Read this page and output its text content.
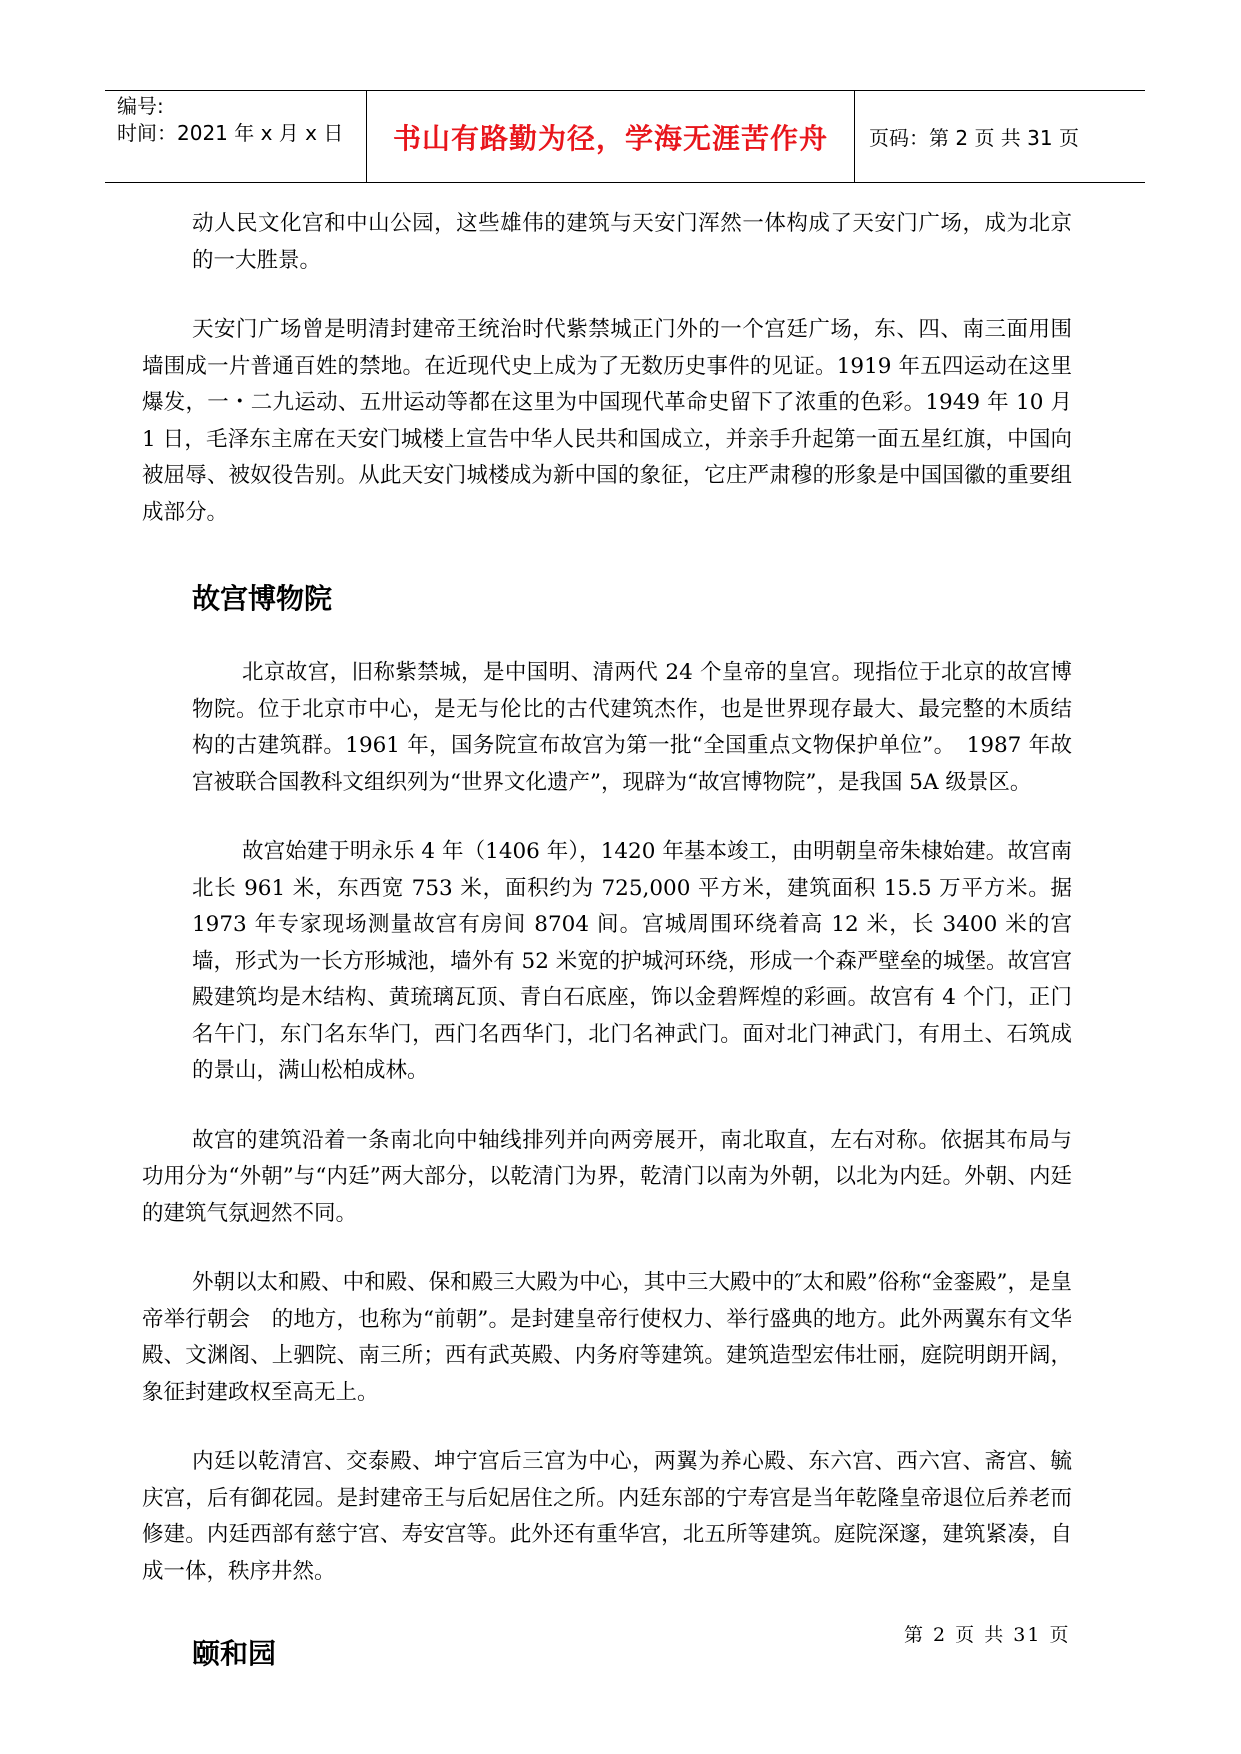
编号:
时间：2021 年 x 月 x 日	书山有路勤为径，学海无涯苦作舟	页码：第 2 页 共 31 页

动人民文化宫和中山公园，这些雄伟的建筑与天安门浑然一体构成了天安门广场，成为北京的一大胜景。

天安门广场曾是明清封建帝王统治时代紫禁城正门外的一个宫廷广场，东、四、南三面用围墙围成一片普通百姓的禁地。在近现代史上成为了无数历史事件的见证。1919 年五四运动在这里爆发，一・二九运动、五卅运动等都在这里为中国现代革命史留下了浓重的色彩。1949 年 10 月 1 日，毛泽东主席在天安门城楼上宣告中华人民共和国成立，并亲手升起第一面五星红旗，中国向被屈辱、被奴役告别。从此天安门城楼成为新中国的象征，它庄严肃穆的形象是中国国徽的重要组成部分。

故宫博物院

北京故宫，旧称紫禁城，是中国明、清两代 24 个皇帝的皇宫。现指位于北京的故宫博物院。位于北京市中心，是无与伦比的古代建筑杰作，也是世界现存最大、最完整的木质结构的古建筑群。1961 年，国务院宣布故宫为第一批“全国重点文物保护单位”。　1987 年故宫被联合国教科文组织列为“世界文化遗产”，现辟为“故宫博物院”，是我国 5A 级景区。

故宫始建于明永乐 4 年（1406 年），1420 年基本竣工，由明朝皇帝朱棣始建。故宫南北长 961 米，东西宽 753 米，面积约为 725,000 平方米，建筑面积 15.5 万平方米。据 1973 年专家现场测量故宫有房间 8704 间。宫城周围环绕着高 12 米，长 3400 米的宫墙，形式为一长方形城池，墙外有 52 米宽的护城河环绕，形成一个森严壁垒的城堡。故宫宫殿建筑均是木结构、黄琉璃瓦顶、青白石底座，饰以金碧辉煌的彩画。故宫有 4 个门，正门名午门，东门名东华门，西门名西华门，北门名神武门。面对北门神武门，有用土、石筑成的景山，满山松柏成林。

故宫的建筑沿着一条南北向中轴线排列并向两旁展开，南北取直，左右对称。依据其布局与功用分为“外朝”与“内廷”两大部分，以乾清门为界，乾清门以南为外朝，以北为内廷。外朝、内廷的建筑气氛迥然不同。

外朝以太和殿、中和殿、保和殿三大殿为中心，其中三大殿中的″太和殿”俗称“金銮殿”，是皇帝举行朝会　的地方，也称为“前朝”。是封建皇帝行使权力、举行盛典的地方。此外两翼东有文华殿、文渊阁、上驷院、南三所；西有武英殿、内务府等建筑。建筑造型宏伟壮丽，庭院明朗开阔，象征封建政权至高无上。

内廷以乾清宫、交泰殿、坤宁宫后三宫为中心，两翼为养心殿、东六宫、西六宫、斋宫、毓庆宫，后有御花园。是封建帝王与后妃居住之所。内廷东部的宁寿宫是当年乾隆皇帝退位后养老而修建。内廷西部有慈宁宫、寿安宫等。此外还有重华宫，北五所等建筑。庭院深邃，建筑紧凑，自成一体，秩序井然。

颐和园
第 2 页 共 31 页
